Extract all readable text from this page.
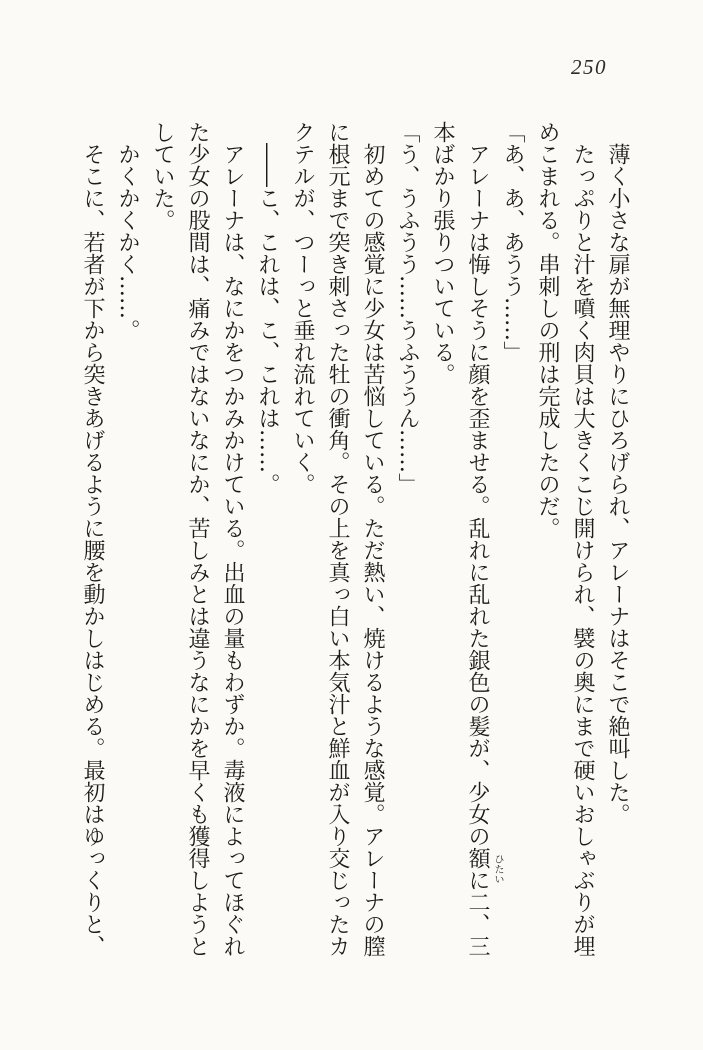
250

薄く小さな扉が無理やりにひろげられ、アレーナはそこで絶叫した。

たっぷりと汁を噴く肉貝は大きくこじ開けられ、襞の奥にまで硬いおしゃぶりが埋めこまれる。串刺しの刑は完成したのだ。

「あ、あ、あうう……」

アレーナは悔しそうに顔を歪ませる。乱れに乱れた銀色の髪が、少女の額 ひたい
に二、三本ばかり張りついている。

「う、うふうう……うふううん……」

初めての感覚に少女は苦悩している。ただ熱い、焼けるような感覚。アレーナの膣に根元まで突き刺さった牡の衝角。その上を真っ白い本気汁と鮮血が入り交じったカクテルが、つーっと垂れ流れていく。

――こ、これは、こ、これは……。

アレーナは、なにかをつかみかけている。出血の量もわずか。毒液によってほぐれた少女の股間は、痛みではないなにか、苦しみとは違うなにかを早くも獲得しようとしていた。

かくかくかく……。

そこに、若者が下から突きあげるように腰を動かしはじめる。最初はゆっくりと、
